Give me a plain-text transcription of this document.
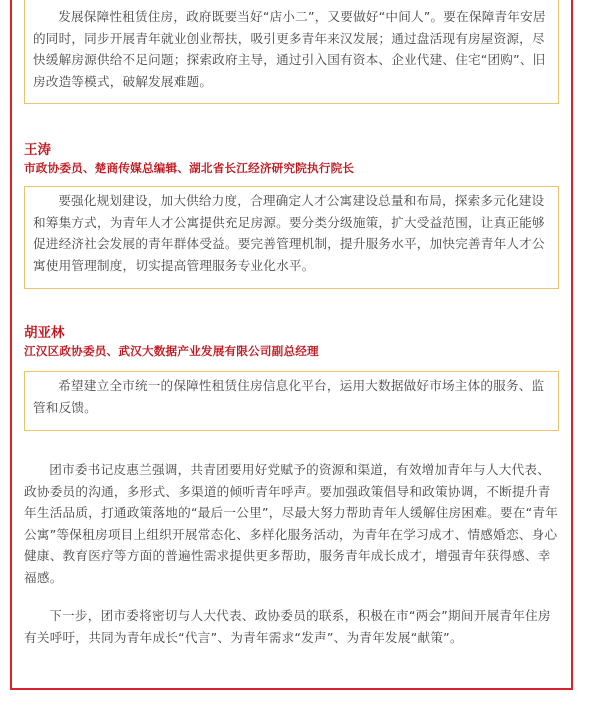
发展保障性租赁住房，政府既要当好“店小二”，又要做好“中间人”。要在保障青年安居的同时，同步开展青年就业创业帮扶，吸引更多青年来汉发展；通过盘活现有房屋资源，尽快缓解房源供给不足问题；探索政府主导，通过引入国有资本、企业代建、住宅“团购”、旧房改造等模式，破解发展难题。
王涛
市政协委员、楚商传媒总编辑、湖北省长江经济研究院执行院长
要强化规划建设，加大供给力度，合理确定人才公寓建设总量和布局，探索多元化建设和筹集方式，为青年人才公寓提供充足房源。要分类分级施策，扩大受益范围，让真正能够促进经济社会发展的青年群体受益。要完善管理机制，提升服务水平，加快完善青年人才公寓使用管理制度，切实提高管理服务专业化水平。
胡亚林
江汉区政协委员、武汉大数据产业发展有限公司副总经理
希望建立全市统一的保障性租赁住房信息化平台，运用大数据做好市场主体的服务、监管和反馈。
团市委书记皮惠兰强调，共青团要用好党赋予的资源和渠道，有效增加青年与人大代表、政协委员的沟通，多形式、多渠道的倾听青年呼声。要加强政策倡导和政策协调，不断提升青年生活品质，打通政策落地的“最后一公里”，尽最大努力帮助青年人缓解住房困难。要在“青年公寓”等保租房项目上组织开展常态化、多样化服务活动，为青年在学习成才、情感婚恋、身心健康、教育医疗等方面的普遍性需求提供更多帮助，服务青年成长成才，增强青年获得感、幸福感。
下一步，团市委将密切与人大代表、政协委员的联系，积极在市“两会”期间开展青年住房有关呼吁，共同为青年成长“代言”、为青年需求“发声”、为青年发展“献策”。
